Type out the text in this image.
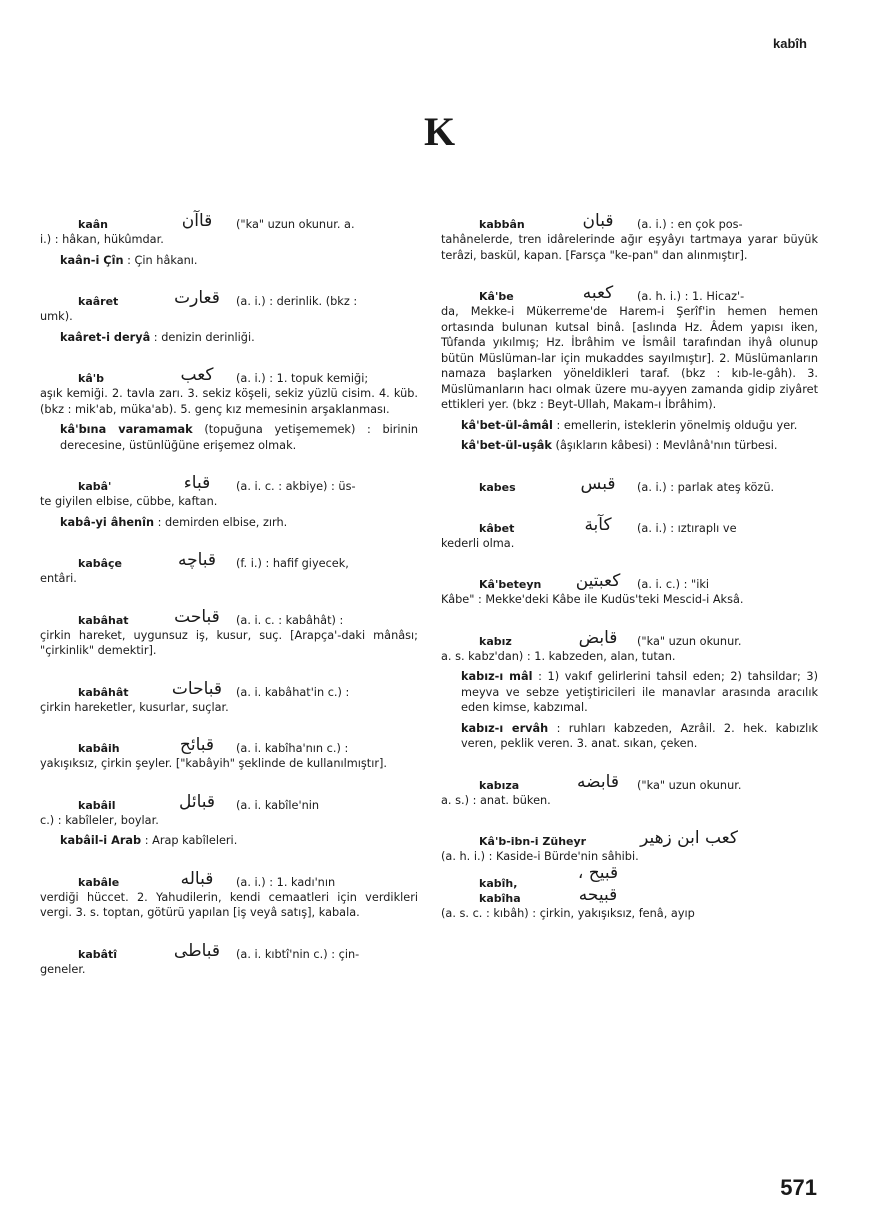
kabîh
K
kaân	قاآن	("ka" uzun okunur. a.
i.) : hâkan, hükûmdar.
kaân-i Çîn : Çin hâkanı.
kaâret	قعارت	(a. i.) : derinlik. (bkz :
umk).
kaâret-i deryâ : denizin derinliği.
kâ'b	كعب	(a. i.) : 1. topuk kemiği;
aşık kemiği. 2. tavla zarı. 3. sekiz köşeli, sekiz yüzlü cisim. 4. küb. (bkz : mik'ab, müka'ab). 5. genç kız memesinin arşaklanması.
kâ'bına varamamak (topuğuna yetişememek) : birinin derecesine, üstünlüğüne erişemez olmak.
kabâ'	قباء	(a. i. c. : akbiye) : üs-
te giyilen elbise, cübbe, kaftan.
kabâ-yi âhenîn : demirden elbise, zırh.
kabâçe	قباچه	(f. i.) : hafif giyecek,
entâri.
kabâhat	قباحت	(a. i. c. : kabâhât) :
çirkin hareket, uygunsuz iş, kusur, suç. [Arapça'-daki mânâsı; "çirkinlik" demektir].
kabâhât	قباحات	(a. i. kabâhat'in c.) :
çirkin hareketler, kusurlar, suçlar.
kabâih	قبائح	(a. i. kabîha'nın c.) :
yakışıksız, çirkin şeyler. ["kabâyih" şeklinde de kullanılmıştır].
kabâil	قبائل	(a. i. kabîle'nin
c.) : kabîleler, boylar.
kabâil-i Arab : Arap kabîleleri.
kabâle	قباله	(a. i.) : 1. kadı'nın
verdiği hüccet. 2. Yahudilerin, kendi cemaatleri için verdikleri vergi. 3. s. toptan, götürü yapılan [iş veyâ satış], kabala.
kabâtî	قباطى	(a. i. kıbtî'nin c.) : çin-
geneler.
kabbân	قبان	(a. i.) : en çok pos-
tahânelerde, tren idârelerinde ağır eşyâyı tartmaya yarar büyük terâzi, baskül, kapan. [Farsça "ke-pan" dan alınmıştır].
Kâ'be	كعبه	(a. h. i.) : 1. Hicaz'-
da, Mekke-i Mükerreme'de Harem-i Şerîf'in hemen hemen ortasında bulunan kutsal binâ. [aslında Hz. Âdem yapısı iken, Tûfanda yıkılmış; Hz. İbrâhim ve İsmâil tarafından ihyâ olunup bütün Müslüman-lar için mukaddes sayılmıştır]. 2. Müslümanların namaza başlarken yöneldikleri taraf. (bkz : kıb-le-gâh). 3. Müslümanların hacı olmak üzere mu-ayyen zamanda gidip ziyâret ettikleri yer. (bkz : Beyt-Ullah, Makam-ı İbrâhim).
kâ'bet-ül-âmâl : emellerin, isteklerin yönelmiş olduğu yer.
kâ'bet-ül-uşâk (âşıkların kâbesi) : Mevlânâ'nın türbesi.
kabes	قبس	(a. i.) : parlak ateş közü.
kâbet	كآبة	(a. i.) : ıztıraplı ve
kederli olma.
Kâ'beteyn	كعبتين	(a. i. c.) : "iki
Kâbe" : Mekke'deki Kâbe ile Kudüs'teki Mescid-i Aksâ.
kabız	قابض	("ka" uzun okunur.
a. s. kabz'dan) : 1. kabzeden, alan, tutan.
kabız-ı mâl : 1) vakıf gelirlerini tahsil eden; 2) tahsildar; 3) meyva ve sebze yetiştiricileri ile manavlar arasında aracılık eden kimse, kabzımal.
kabız-ı ervâh : ruhları kabzeden, Azrâil. 2. hek. kabızlık veren, peklik veren. 3. anat. sıkan, çeken.
kabıza	قابضه	("ka" uzun okunur.
a. s.) : anat. büken.
Kâ'b-ibn-i Züheyr	كعب ابن زهير
(a. h. i.) : Kaside-i Bürde'nin sâhibi.
kabîh, kabîha
قبيح ، قبيحه
(a. s. c. : kıbâh) : çirkin, yakışıksız, fenâ, ayıp
571
